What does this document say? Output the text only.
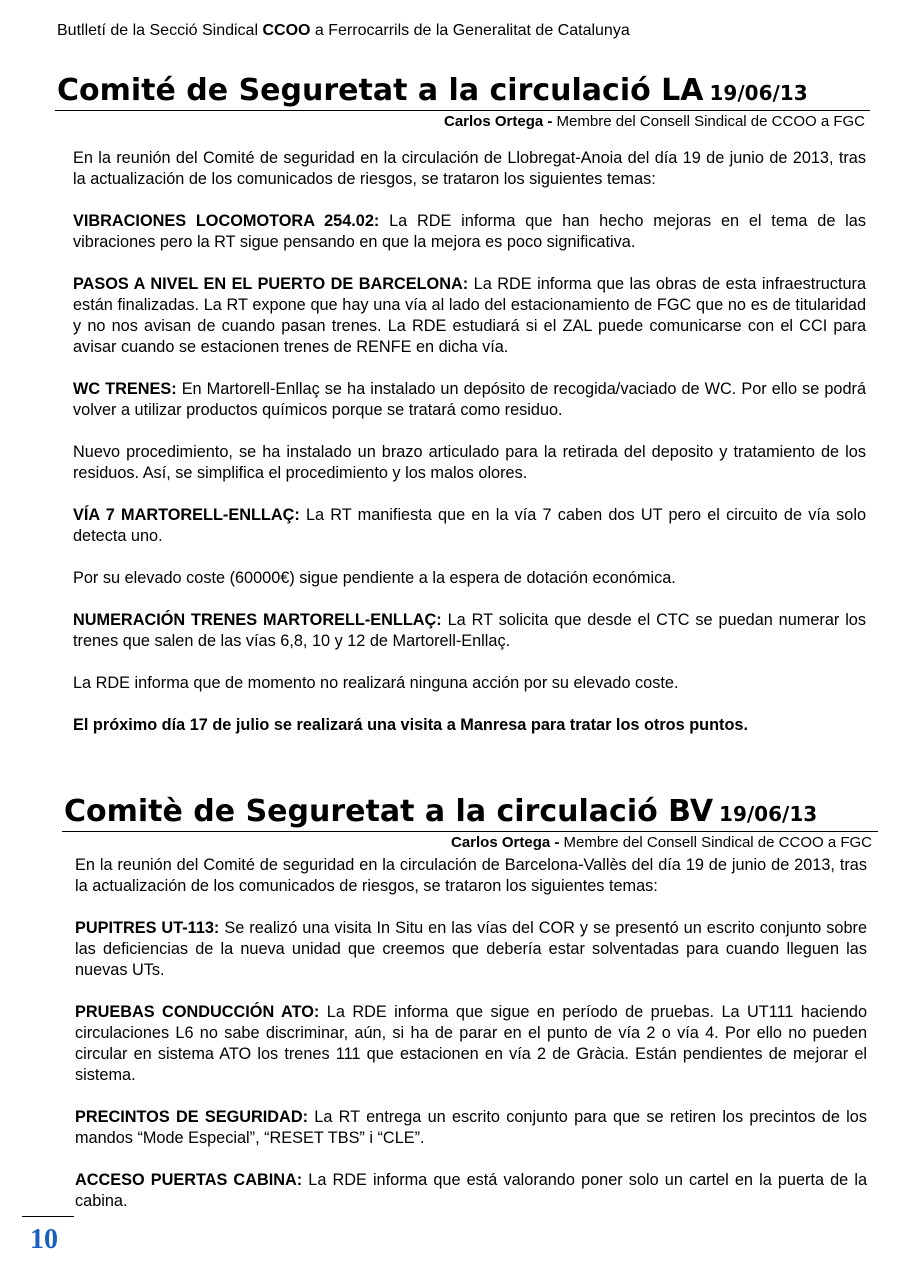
Butlletí de la Secció Sindical CCOO a Ferrocarrils de la Generalitat de Catalunya
Comité de Seguretat a la circulació LA 19/06/13
Carlos Ortega - Membre del Consell Sindical de CCOO a FGC

En la reunión del Comité de seguridad en la circulación de Llobregat-Anoia del día 19 de junio de 2013, tras la actualización de los comunicados de riesgos, se trataron los siguientes temas:

VIBRACIONES LOCOMOTORA 254.02: La RDE informa que han hecho mejoras en el tema de las vibraciones pero la RT sigue pensando en que la mejora es poco significativa.

PASOS A NIVEL EN EL PUERTO DE BARCELONA: La RDE informa que las obras de esta infraestructura están finalizadas. La RT expone que hay una vía al lado del estacionamiento de FGC que no es de titularidad y no nos avisan de cuando pasan trenes. La RDE estudiará si el ZAL puede comunicarse con el CCI para avisar cuando se estacionen trenes de RENFE en dicha vía.

WC TRENES: En Martorell-Enllaç se ha instalado un depósito de recogida/vaciado de WC. Por ello se podrá volver a utilizar productos químicos porque se tratará como residuo.

Nuevo procedimiento, se ha instalado un brazo articulado para la retirada del deposito y tratamiento de los residuos. Así, se simplifica el procedimiento y los malos olores.

VÍA 7 MARTORELL-ENLLAÇ: La RT manifiesta que en la vía 7 caben dos UT pero el circuito de vía solo detecta uno.

Por su elevado coste (60000€) sigue pendiente a la espera de dotación económica.

NUMERACIÓN TRENES MARTORELL-ENLLAÇ: La RT solicita que desde el CTC se puedan numerar los trenes que salen de las vías 6,8, 10 y 12 de Martorell-Enllaç.

La RDE informa que de momento no realizará ninguna acción por su elevado coste.

El próximo día 17 de julio se realizará una visita a Manresa para tratar los otros puntos.

Comitè de Seguretat a la circulació BV 19/06/13
Carlos Ortega - Membre del Consell Sindical de CCOO a FGC

En la reunión del Comité de seguridad en la circulación de Barcelona-Vallès del día 19 de junio de 2013, tras la actualización de los comunicados de riesgos, se trataron los siguientes temas:

PUPITRES UT-113: Se realizó una visita In Situ en las vías del COR y se presentó un escrito conjunto sobre las deficiencias de la nueva unidad que creemos que debería estar solventadas para cuando lleguen las nuevas UTs.

PRUEBAS CONDUCCIÓN ATO: La RDE informa que sigue en período de pruebas. La UT111 haciendo circulaciones L6 no sabe discriminar, aún, si ha de parar en el punto de vía 2 o vía 4. Por ello no pueden circular en sistema ATO los trenes 111 que estacionen en vía 2 de Gràcia. Están pendientes de mejorar el sistema.

PRECINTOS DE SEGURIDAD: La RT entrega un escrito conjunto para que se retiren los precintos de los mandos “Mode Especial”, “RESET TBS” i “CLE”.

ACCESO PUERTAS CABINA: La RDE informa que está valorando poner solo un cartel en la puerta de la cabina.

10
